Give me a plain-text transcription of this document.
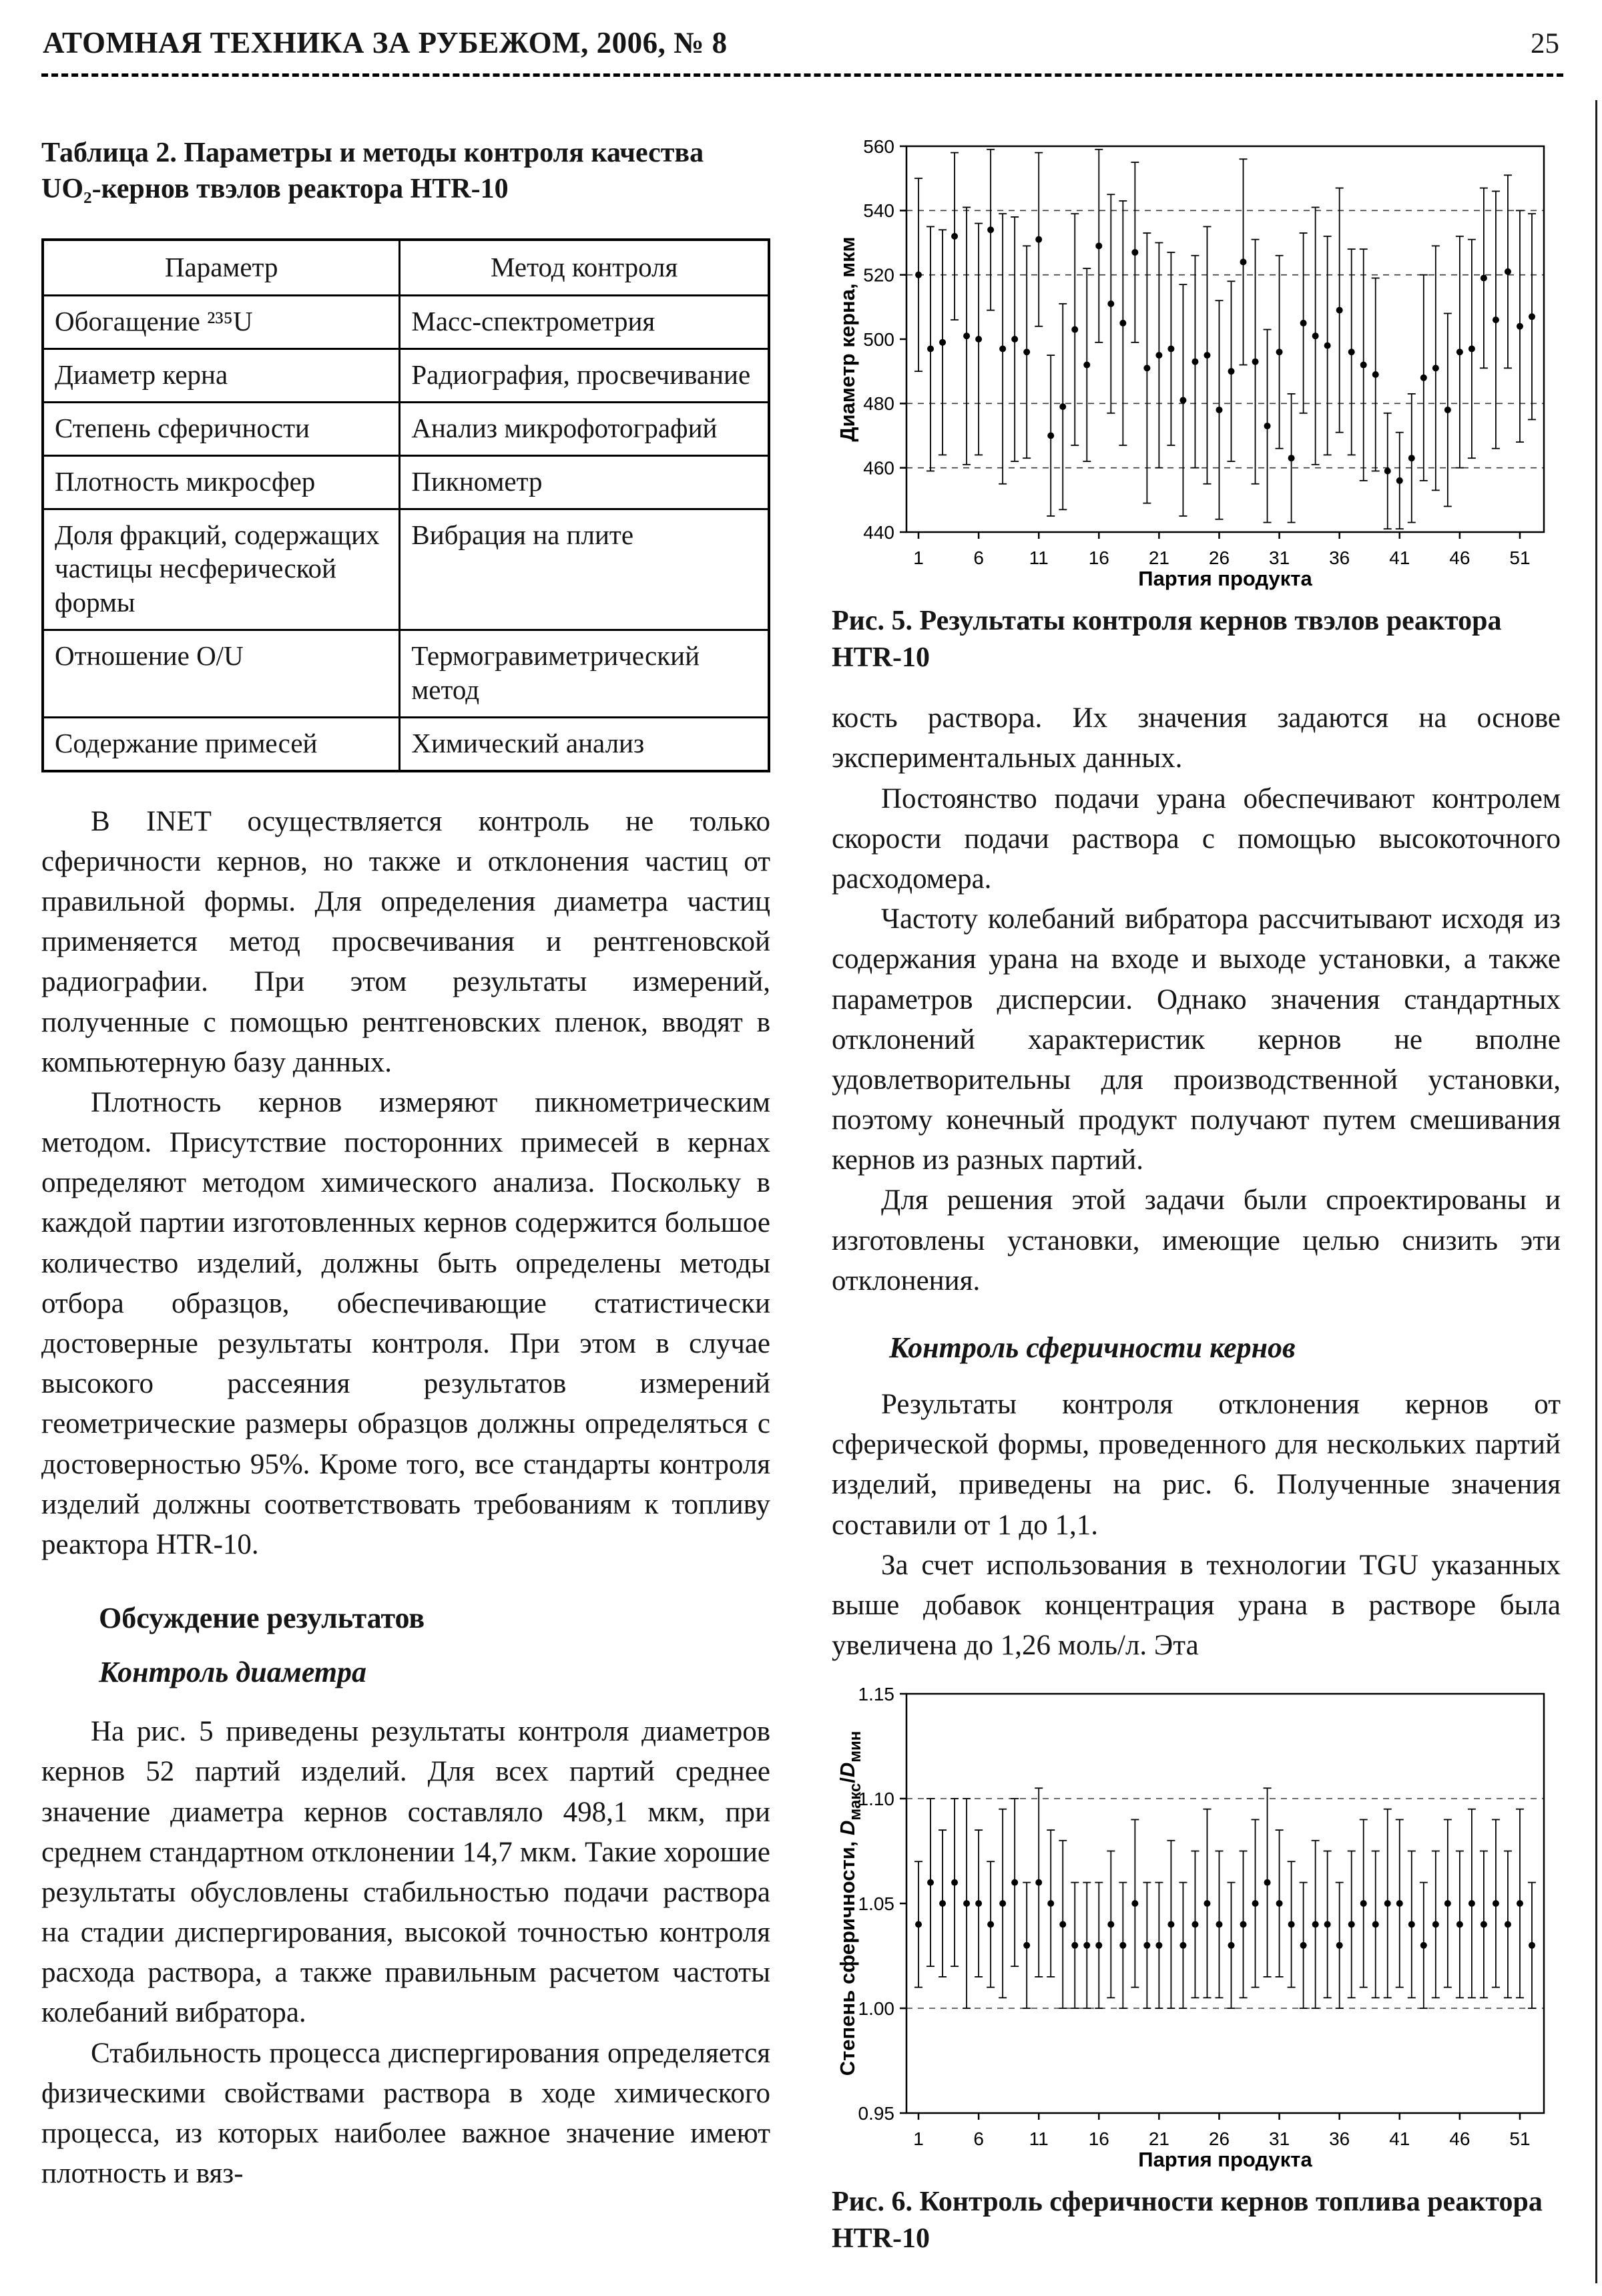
АТОМНАЯ ТЕХНИКА ЗА РУБЕЖОМ, 2006, № 8	25

Таблица 2. Параметры и методы контроля качества UO₂-кернов твэлов реактора HTR-10

Параметр	Метод контроля
Обогащение ²³⁵U	Масс-спектрометрия
Диаметр керна	Радиография, просвечивание
Степень сферичности	Анализ микрофотографий
Плотность микросфер	Пикнометр
Доля фракций, содержащих частицы несферической формы	Вибрация на плите
Отношение O/U	Термогравиметрический метод
Содержание примесей	Химический анализ

В INET осуществляется контроль не только сферичности кернов, но также и отклонения частиц от правильной формы. Для определения диаметра частиц применяется метод просвечивания и рентгеновской радиографии. При этом результаты измерений, полученные с помощью рентгеновских пленок, вводят в компьютерную базу данных.

Плотность кернов измеряют пикнометрическим методом. Присутствие посторонних примесей в кернах определяют методом химического анализа. Поскольку в каждой партии изготовленных кернов содержится большое количество изделий, должны быть определены методы отбора образцов, обеспечивающие статистически достоверные результаты контроля. При этом в случае высокого рассеяния результатов измерений геометрические размеры образцов должны определяться с достоверностью 95%. Кроме того, все стандарты контроля изделий должны соответствовать требованиям к топливу реактора HTR-10.

Обсуждение результатов
Контроль диаметра

На рис. 5 приведены результаты контроля диаметров кернов 52 партий изделий. Для всех партий среднее значение диаметра кернов составляло 498,1 мкм, при среднем стандартном отклонении 14,7 мкм. Такие хорошие результаты обусловлены стабильностью подачи раствора на стадии диспергирования, высокой точностью контроля расхода раствора, а также правильным расчетом частоты колебаний вибратора.

Стабильность процесса диспергирования определяется физическими свойствами раствора в ходе химического процесса, из которых наиболее важное значение имеют плотность и вяз-

440
460
480
500
520
540
560
1	6 11 16 21 26 31 36 41 46 51
Партия продукта
Диаметр керна, мкм

Рис. 5. Результаты контроля кернов твэлов реактора HTR-10

кость раствора. Их значения задаются на основе экспериментальных данных.

Постоянство подачи урана обеспечивают контролем скорости подачи раствора с помощью высокоточного расходомера.

Частоту колебаний вибратора рассчитывают исходя из содержания урана на входе и выходе установки, а также параметров дисперсии. Однако значения стандартных отклонений характеристик кернов не вполне удовлетворительны для производственной установки, поэтому конечный продукт получают путем смешивания кернов из разных партий.

Для решения этой задачи были спроектированы и изготовлены установки, имеющие целью снизить эти отклонения.

Контроль сферичности кернов

Результаты контроля отклонения кернов от сферической формы, проведенного для нескольких партий изделий, приведены на рис. 6. Полученные значения составили от 1 до 1,1.

За счет использования в технологии TGU указанных выше добавок концентрация урана в растворе была увеличена до 1,26 моль/л. Эта

0.95
1.00
1.05
1.10
1.15
1	6 11 16 21 26 31 36 41 46 51
Партия продукта
Степень сферичности, $D_{макс}/D_{мин}$

Рис. 6. Контроль сферичности кернов топлива реактора HTR-10
